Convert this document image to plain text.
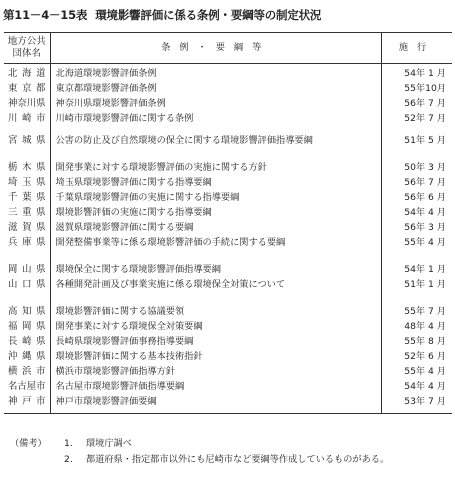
第11－4－15表 環境影響評価に係る条例・要綱等の制定状況
地方公共団体名	条例・要綱等	施行

北海道	北海道環境影響評価条例	54年 1 月
東京都	東京都環境影響評価条例	55年10月
神奈川県	神奈川県環境影響評価条例	56年 7 月
川崎市	川崎市環境影響評価に関する条例	52年 7 月

宮城県	公害の防止及び自然環境の保全に関する環境影響評価指導要綱	51年 5 月
栃木県	開発事業に対する環境影響評価の実施に関する方針	50年 3 月
埼玉県	埼玉県環境影響評価に関する指導要綱	56年 7 月
千葉県	千葉県環境影響評価の実施に関する指導要綱	56年 6 月
三重県	環境影響評価の実施に関する指導要綱	54年 4 月
滋賀県	滋賀県環境影響評価に関する要綱	56年 3 月
兵庫県	開発整備事業等に係る環境影響評価の手続に関する要綱	55年 4 月
岡山県	環境保全に関する環境影響評価指導要綱	54年 1 月
山口県	各種開発計画及び事業実施に係る環境保全対策について	51年 1 月
高知県	環境影響評価に関する協議要領	55年 7 月
福岡県	開発事業に対する環境保全対策要綱	48年 4 月
長崎県	長崎県環境影響評価事務指導要綱	55年 8 月
沖縄県	環境影響評価に関する基本技術指針	52年 6 月
横浜市	横浜市環境影響評価指導方針	55年 4 月
名古屋市	名古屋市環境影響評価指導要綱	54年 4 月
神戸市	神戸市環境影響評価要綱	53年 7 月
（備考） 1. 環境庁調べ
2. 都道府県・指定都市以外にも尼崎市など要綱等作成しているものがある。
